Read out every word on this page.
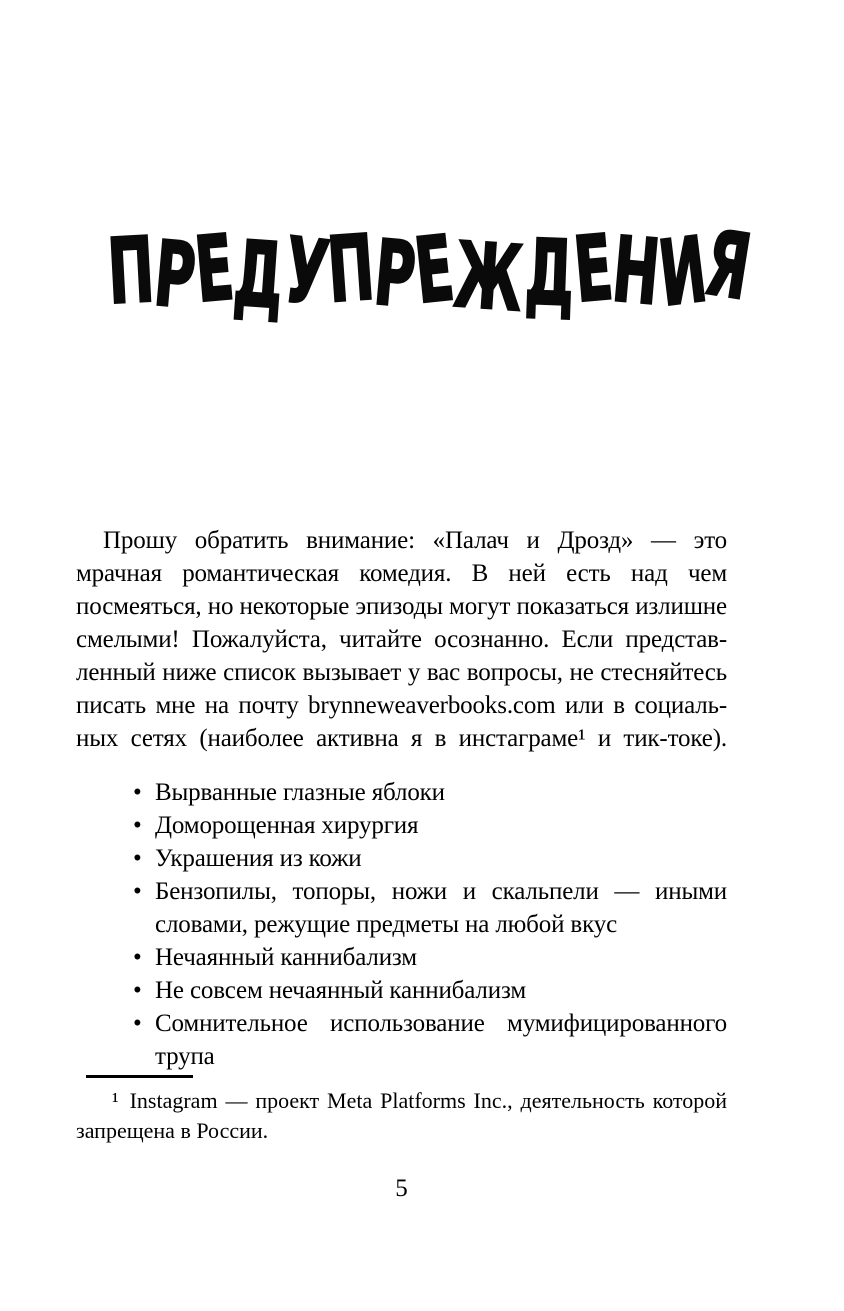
ПРЕДУПРЕЖДЕНИЯ
Прошу обратить внимание: «Палач и Дрозд» — это
мрачная романтическая комедия. В ней есть над чем
посмеяться, но некоторые эпизоды могут показаться излишне
смелыми! Пожалуйста, читайте осознанно. Если представ-
ленный ниже список вызывает у вас вопросы, не стесняйтесь
писать мне на почту brynneweaverbooks.com или в социаль-
ных сетях (наиболее активна я в инстаграме¹ и тик-токе).
• Вырванные глазные яблоки
• Доморощенная хирургия
• Украшения из кожи
• Бензопилы, топоры, ножи и скальпели — иными словами, режущие предметы на любой вкус
• Нечаянный каннибализм
• Не совсем нечаянный каннибализм
• Сомнительное использование мумифицированного трупа

¹ Instagram — проект Meta Platforms Inc., деятельность которой запрещена в России.

5
